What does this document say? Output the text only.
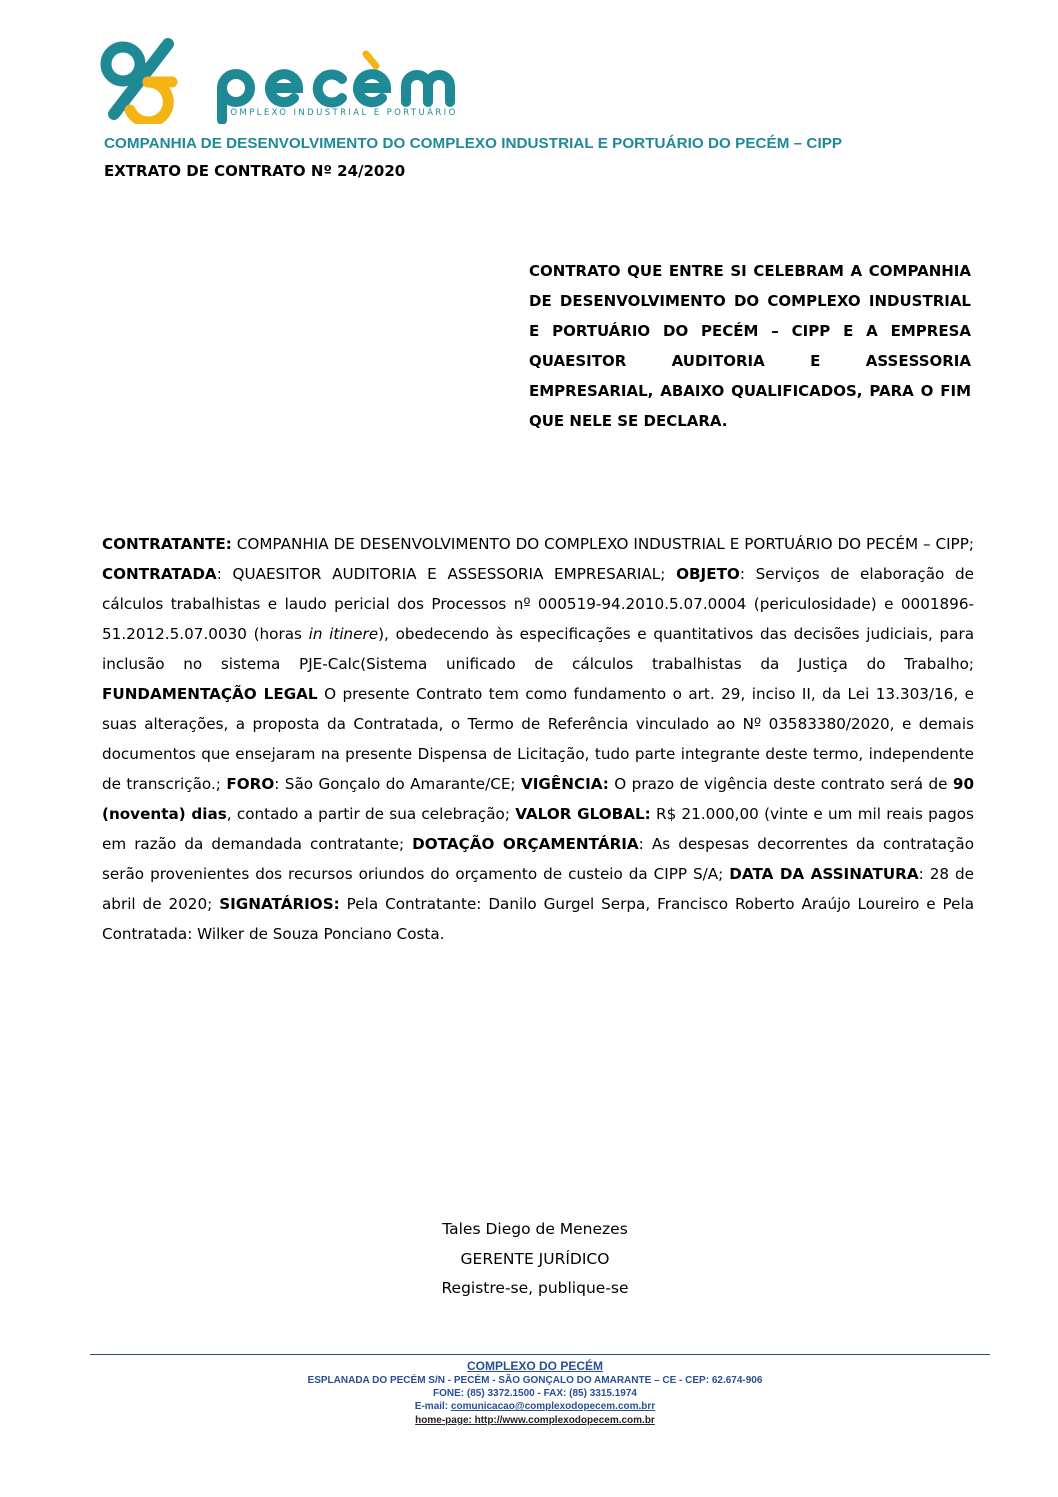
COMPLEXO INDUSTRIAL E PORTUÁRIO
COMPANHIA DE DESENVOLVIMENTO DO COMPLEXO INDUSTRIAL E PORTUÁRIO DO PECÉM – CIPP
EXTRATO DE CONTRATO Nº 24/2020
CONTRATO QUE ENTRE SI CELEBRAM A COMPANHIA DE DESENVOLVIMENTO DO COMPLEXO INDUSTRIAL E PORTUÁRIO DO PECÉM – CIPP E A EMPRESA QUAESITOR AUDITORIA E ASSESSORIA EMPRESARIAL, ABAIXO QUALIFICADOS, PARA O FIM QUE NELE SE DECLARA.
CONTRATANTE: COMPANHIA DE DESENVOLVIMENTO DO COMPLEXO INDUSTRIAL E PORTUÁRIO DO PECÉM – CIPP; CONTRATADA: QUAESITOR AUDITORIA E ASSESSORIA EMPRESARIAL; OBJETO: Serviços de elaboração de cálculos trabalhistas e laudo pericial dos Processos nº 000519-94.2010.5.07.0004 (periculosidade) e 0001896-51.2012.5.07.0030 (horas in itinere), obedecendo às especificações e quantitativos das decisões judiciais, para inclusão no sistema PJE-Calc(Sistema unificado de cálculos trabalhistas da Justiça do Trabalho; FUNDAMENTAÇÃO LEGAL O presente Contrato tem como fundamento o art. 29, inciso II, da Lei 13.303/16, e suas alterações, a proposta da Contratada, o Termo de Referência vinculado ao Nº 03583380/2020, e demais documentos que ensejaram na presente Dispensa de Licitação, tudo parte integrante deste termo, independente de transcrição.; FORO: São Gonçalo do Amarante/CE; VIGÊNCIA: O prazo de vigência deste contrato será de 90 (noventa) dias, contado a partir de sua celebração; VALOR GLOBAL: R$ 21.000,00 (vinte e um mil reais pagos em razão da demandada contratante; DOTAÇÃO ORÇAMENTÁRIA: As despesas decorrentes da contratação serão provenientes dos recursos oriundos do orçamento de custeio da CIPP S/A; DATA DA ASSINATURA: 28 de abril de 2020; SIGNATÁRIOS: Pela Contratante: Danilo Gurgel Serpa, Francisco Roberto Araújo Loureiro e Pela Contratada: Wilker de Souza Ponciano Costa.
Tales Diego de Menezes
GERENTE JURÍDICO
Registre-se, publique-se
COMPLEXO DO PECÉM
ESPLANADA DO PECÉM S/N - PECÉM - SÃO GONÇALO DO AMARANTE – CE - CEP: 62.674-906
FONE: (85) 3372.1500 - FAX: (85) 3315.1974
E-mail: comunicacao@complexodopecem.com.brr
home-page: http://www.complexodopecem.com.br
